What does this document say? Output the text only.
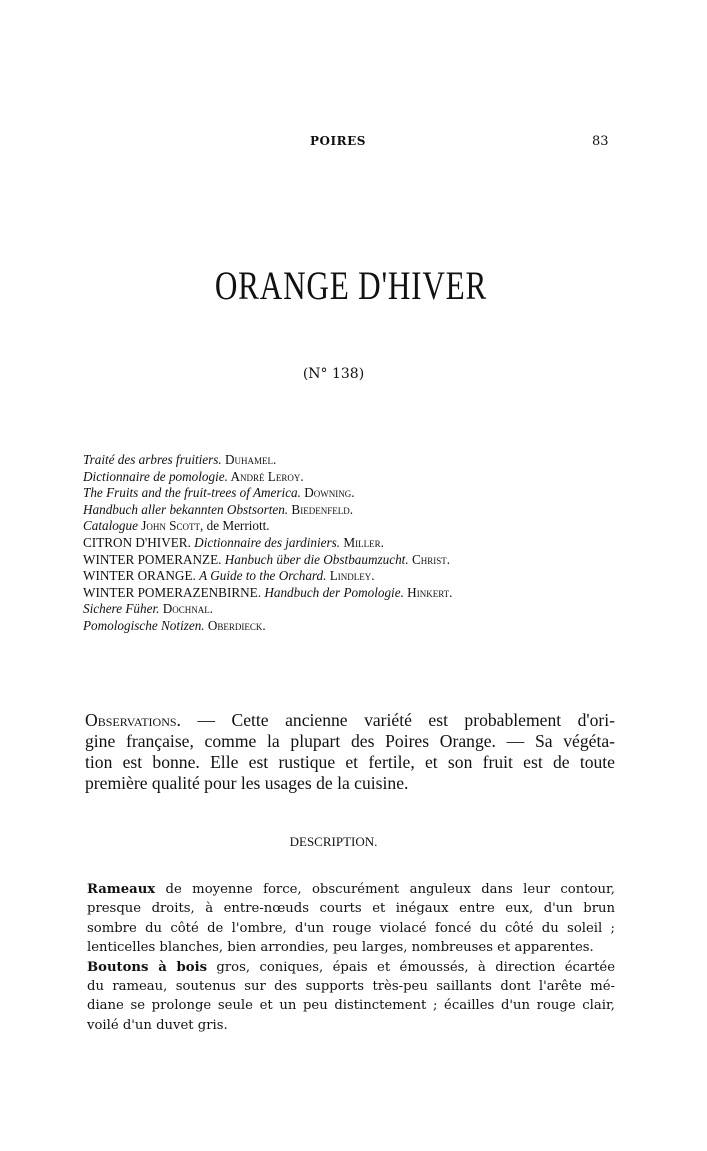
POIRES	83
ORANGE D'HIVER
(N° 138)
Traité des arbres fruitiers. Duhamel.
Dictionnaire de pomologie. André Leroy.
The Fruits and the fruit-trees of America. Downing.
Handbuch aller bekannten Obstsorten. Biedenfeld.
Catalogue John Scott, de Merriott.
CITRON D'HIVER. Dictionnaire des jardiniers. Miller.
WINTER POMERANZE. Hanbuch über die Obstbaumzucht. Christ.
WINTER ORANGE. A Guide to the Orchard. Lindley.
WINTER POMERAZENBIRNE. Handbuch der Pomologie. Hinkert.
Sichere Füher. Dochnal.
Pomologische Notizen. Oberdieck.
Observations. — Cette ancienne variété est probablement d'ori-
gine française, comme la plupart des Poires Orange. — Sa végéta-
tion est bonne. Elle est rustique et fertile, et son fruit est de toute
première qualité pour les usages de la cuisine.
DESCRIPTION.
Rameaux de moyenne force, obscurément anguleux dans leur contour,
presque droits, à entre-nœuds courts et inégaux entre eux, d'un brun
sombre du côté de l'ombre, d'un rouge violacé foncé du côté du soleil ;
lenticelles blanches, bien arrondies, peu larges, nombreuses et apparentes.
Boutons à bois gros, coniques, épais et émoussés, à direction écartée
du rameau, soutenus sur des supports très-peu saillants dont l'arête mé-
diane se prolonge seule et un peu distinctement ; écailles d'un rouge clair,
voilé d'un duvet gris.
